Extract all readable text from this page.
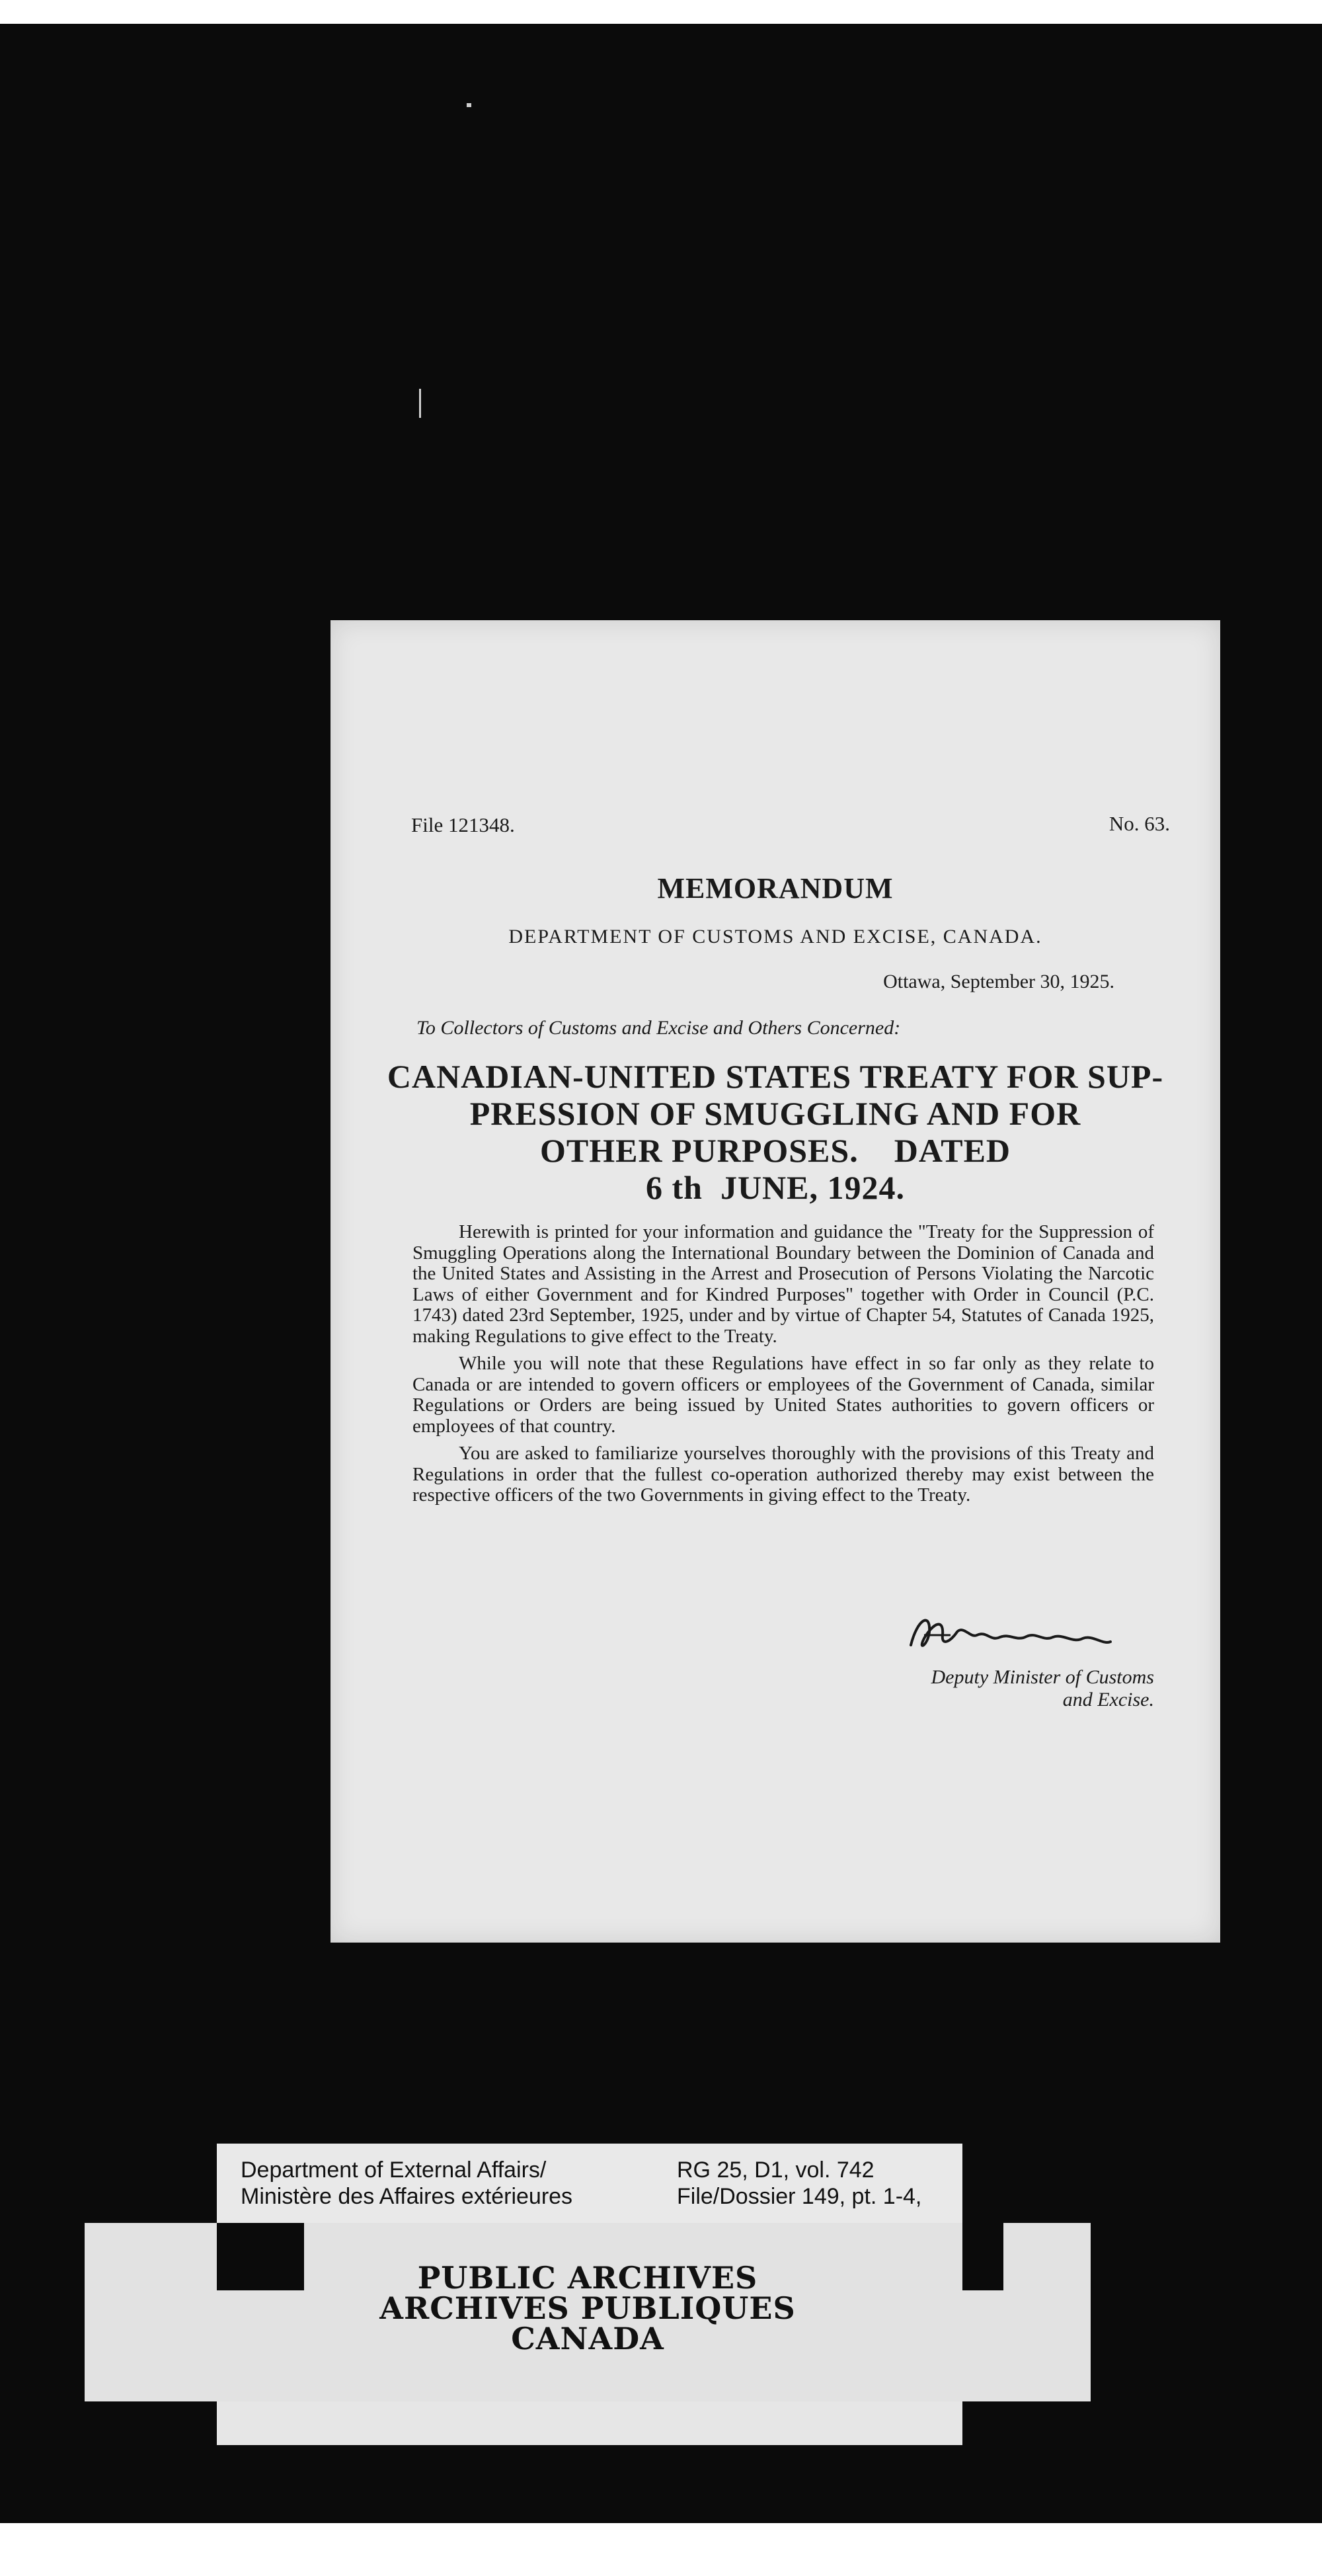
File 121348.	No. 63.
MEMORANDUM
DEPARTMENT OF CUSTOMS AND EXCISE, CANADA.
Ottawa, September 30, 1925.
To Collectors of Customs and Excise and Others Concerned:
CANADIAN-UNITED STATES TREATY FOR SUP-
PRESSION OF SMUGGLING AND FOR
OTHER PURPOSES.    DATED
6 th  JUNE, 1924.

Herewith is printed for your information and guidance the "Treaty for the Suppression of Smuggling Operations along the International Boundary between the Dominion of Canada and the United States and Assisting in the Arrest and Prosecution of Persons Violating the Narcotic Laws of either Government and for Kindred Purposes" together with Order in Council (P.C. 1743) dated 23rd September, 1925, under and by virtue of Chapter 54, Statutes of Canada 1925, making Regulations to give effect to the Treaty.

While you will note that these Regulations have effect in so far only as they relate to Canada or are intended to govern officers or employees of the Government of Canada, similar Regulations or Orders are being issued by United States authorities to govern officers or employees of that country.

You are asked to familiarize yourselves thoroughly with the provisions of this Treaty and Regulations in order that the fullest co-operation authorized thereby may exist between the respective officers of the two Governments in giving effect to the Treaty.

Deputy Minister of Customs
and Excise.
Department of External Affairs/
Ministère des Affaires extérieures
RG 25, D1, vol. 742
File/Dossier 149, pt. 1-4,
PUBLIC ARCHIVES
ARCHIVES PUBLIQUES
CANADA
